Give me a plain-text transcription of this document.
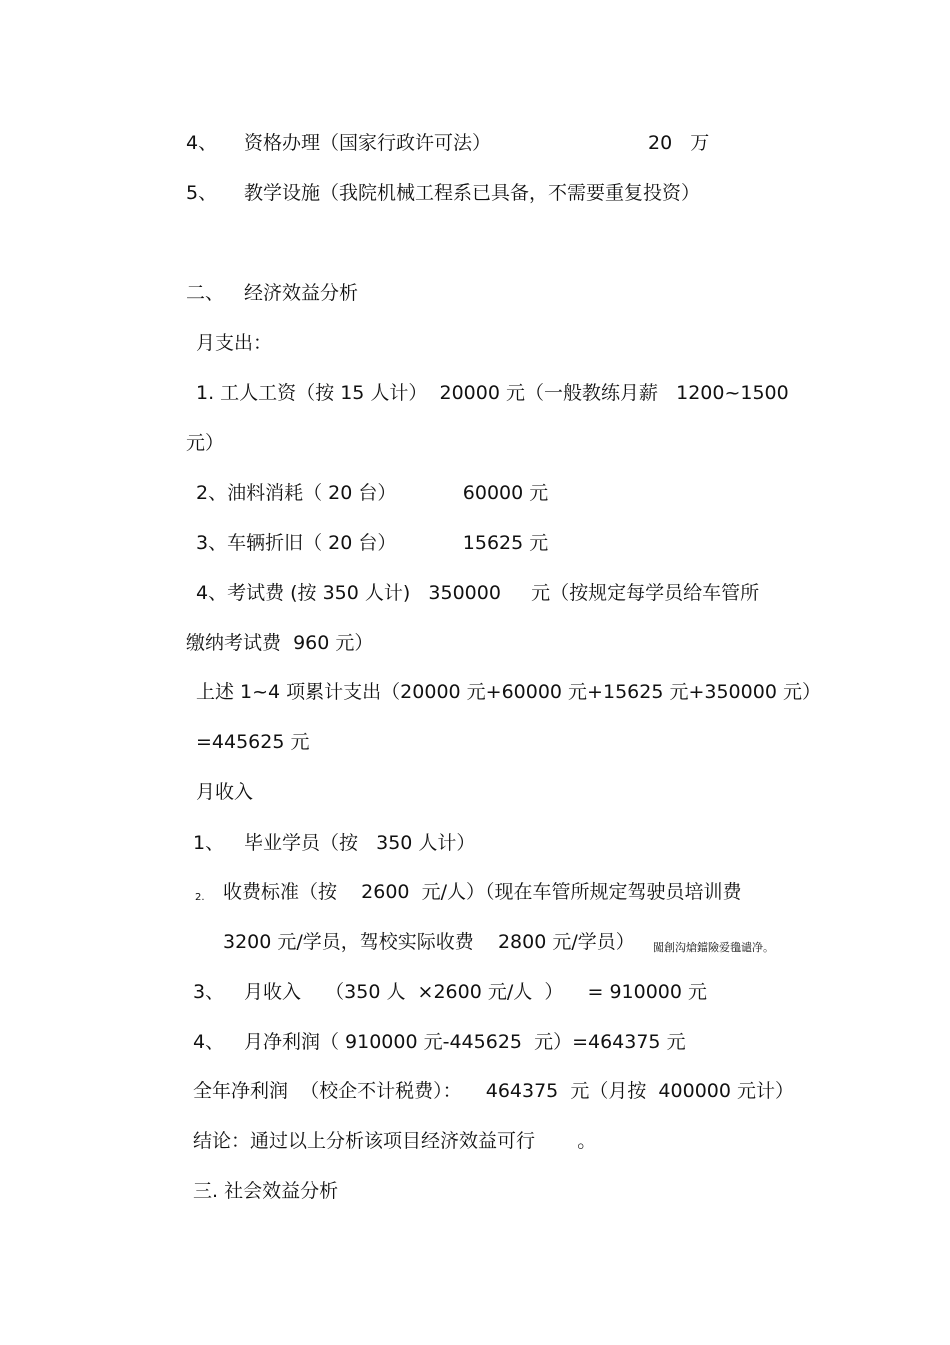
4、 资格办理（国家行政许可法）	20   万
5、 教学设施（我院机械工程系已具备，不需要重复投资）
二、 经济效益分析
月支出：
1. 工人工资（按 15 人计）  20000 元（一般教练月薪   1200~1500
元）
2、油料消耗（ 20 台）           60000 元
3、车辆折旧（ 20 台）           15625 元
4、考试费 (按 350 人计)   350000     元（按规定每学员给车管所
缴纳考试费  960 元）
上述 1~4 项累计支出（20000 元+60000 元+15625 元+350000 元）
=445625 元
月收入
1、 毕业学员（按   350 人计）
2. 收费标准（按    2600  元/人）（现在车管所规定驾驶员培训费
3200 元/学员，驾校实际收费    2800 元/学员） 闖創沟熗鐺險爱氇谴净。
3、 月收入    （350 人  ×2600 元/人  ）    = 910000 元
4、 月净利润（ 910000 元-445625  元）=464375 元
全年净利润  （校企不计税费）：    464375  元（月按  400000 元计）
结论：通过以上分析该项目经济效益可行       。
三. 社会效益分析
